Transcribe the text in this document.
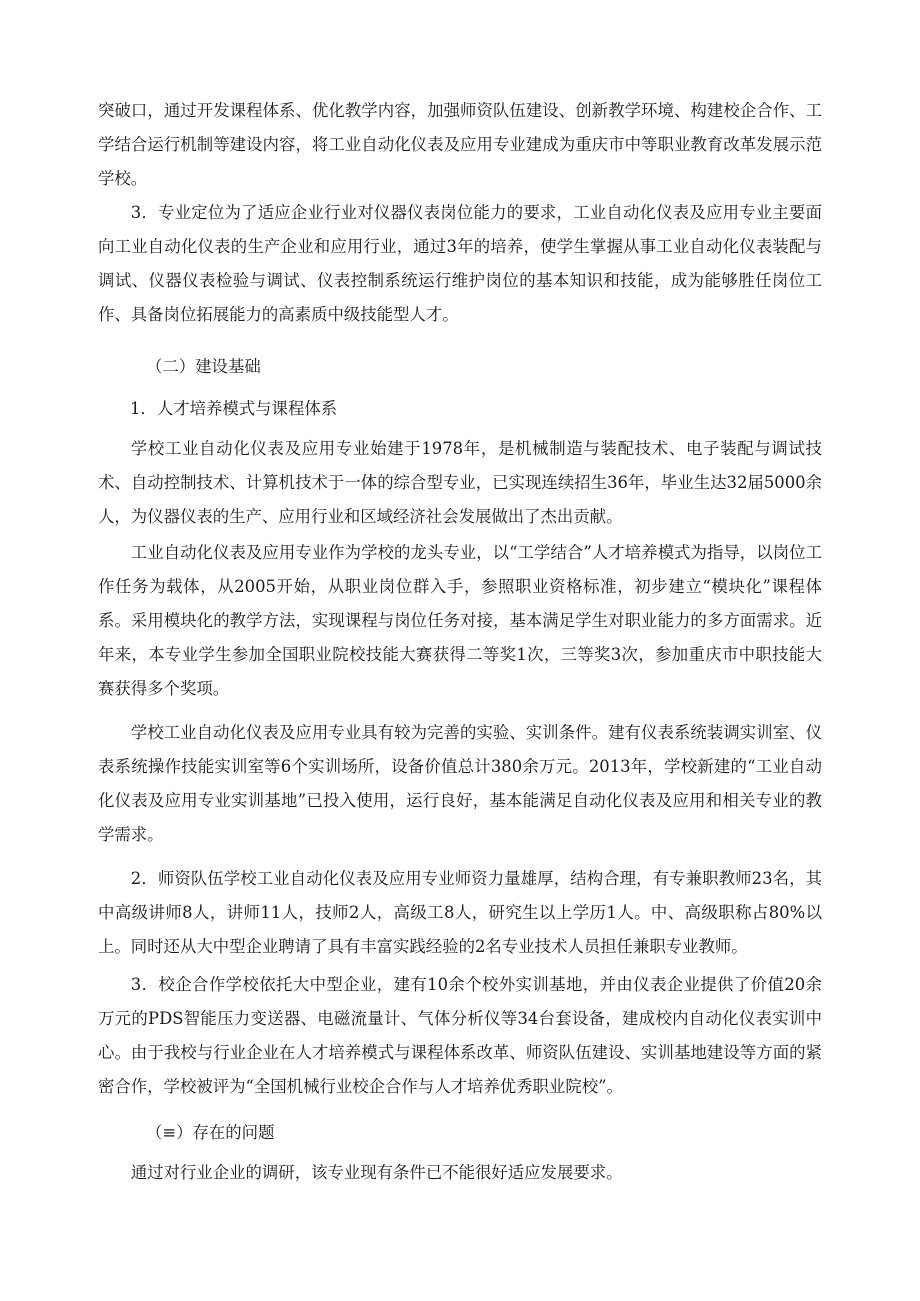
突破口，通过开发课程体系、优化教学内容，加强师资队伍建设、创新教学环境、构建校企合作、工学结合运行机制等建设内容，将工业自动化仪表及应用专业建成为重庆市中等职业教育改革发展示范学校。

3．专业定位为了适应企业行业对仪器仪表岗位能力的要求，工业自动化仪表及应用专业主要面向工业自动化仪表的生产企业和应用行业，通过3年的培养，使学生掌握从事工业自动化仪表装配与调试、仪器仪表检验与调试、仪表控制系统运行维护岗位的基本知识和技能，成为能够胜任岗位工作、具备岗位拓展能力的高素质中级技能型人才。

（二）建设基础

1．人才培养模式与课程体系

学校工业自动化仪表及应用专业始建于1978年，是机械制造与装配技术、电子装配与调试技术、自动控制技术、计算机技术于一体的综合型专业，已实现连续招生36年，毕业生达32届5000余人，为仪器仪表的生产、应用行业和区域经济社会发展做出了杰出贡献。

工业自动化仪表及应用专业作为学校的龙头专业，以“工学结合”人才培养模式为指导，以岗位工作任务为载体，从2005开始，从职业岗位群入手，参照职业资格标准，初步建立“模块化”课程体系。采用模块化的教学方法，实现课程与岗位任务对接，基本满足学生对职业能力的多方面需求。近年来，本专业学生参加全国职业院校技能大赛获得二等奖1次，三等奖3次，参加重庆市中职技能大赛获得多个奖项。

学校工业自动化仪表及应用专业具有较为完善的实验、实训条件。建有仪表系统装调实训室、仪表系统操作技能实训室等6个实训场所，设备价值总计380余万元。2013年，学校新建的“工业自动化仪表及应用专业实训基地”已投入使用，运行良好，基本能满足自动化仪表及应用和相关专业的教学需求。

2．师资队伍学校工业自动化仪表及应用专业师资力量雄厚，结构合理，有专兼职教师23名，其中高级讲师8人，讲师11人，技师2人，高级工8人，研究生以上学历1人。中、高级职称占80%以上。同时还从大中型企业聘请了具有丰富实践经验的2名专业技术人员担任兼职专业教师。

3．校企合作学校依托大中型企业，建有10余个校外实训基地，并由仪表企业提供了价值20余万元的PDS智能压力变送器、电磁流量计、气体分析仪等34台套设备，建成校内自动化仪表实训中心。由于我校与行业企业在人才培养模式与课程体系改革、师资队伍建设、实训基地建设等方面的紧密合作，学校被评为“全国机械行业校企合作与人才培养优秀职业院校”。

（≡）存在的问题

通过对行业企业的调研，该专业现有条件已不能很好适应发展要求。
